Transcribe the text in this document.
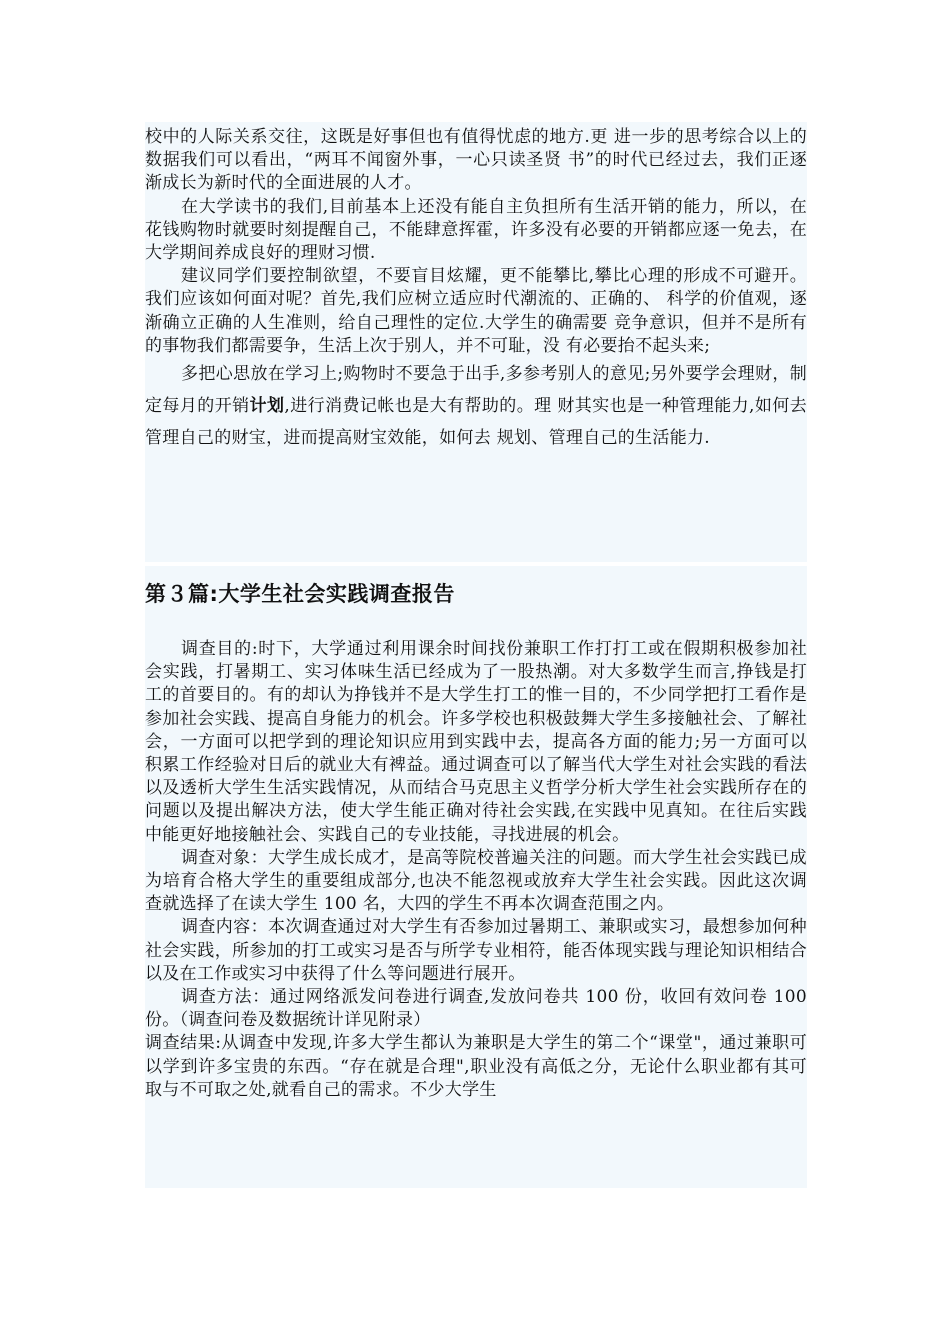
校中的人际关系交往，这既是好事但也有值得忧虑的地方.更 进一步的思考综合以上的数据我们可以看出，“两耳不闻窗外事，一心只读圣贤 书”的时代已经过去，我们正逐渐成长为新时代的全面进展的人才。

在大学读书的我们,目前基本上还没有能自主负担所有生活开销的能力，所以，在花钱购物时就要时刻提醒自己，不能肆意挥霍，许多没有必要的开销都应逐一免去，在大学期间养成良好的理财习惯.

建议同学们要控制欲望，不要盲目炫耀，更不能攀比,攀比心理的形成不可避开。我们应该如何面对呢？首先,我们应树立适应时代潮流的、正确的、 科学的价值观，逐渐确立正确的人生准则，给自己理性的定位.大学生的确需要 竞争意识，但并不是所有的事物我们都需要争，生活上次于别人，并不可耻，没 有必要抬不起头来;

多把心思放在学习上;购物时不要急于出手,多参考别人的意见;另外要学会理财，制定每月的开销计划,进行消费记帐也是大有帮助的。理 财其实也是一种管理能力,如何去管理自己的财宝，进而提高财宝效能，如何去 规划、管理自己的生活能力.

第３篇:大学生社会实践调查报告

调查目的:时下，大学通过利用课余时间找份兼职工作打打工或在假期积极参加社会实践，打暑期工、实习体味生活已经成为了一股热潮。对大多数学生而言,挣钱是打工的首要目的。有的却认为挣钱并不是大学生打工的惟一目的，不少同学把打工看作是参加社会实践、提高自身能力的机会。许多学校也积极鼓舞大学生多接触社会、了解社会，一方面可以把学到的理论知识应用到实践中去，提高各方面的能力;另一方面可以积累工作经验对日后的就业大有裨益。通过调查可以了解当代大学生对社会实践的看法以及透析大学生生活实践情况，从而结合马克思主义哲学分析大学生社会实践所存在的问题以及提出解决方法，使大学生能正确对待社会实践,在实践中见真知。在往后实践中能更好地接触社会、实践自己的专业技能，寻找进展的机会。

调查对象：大学生成长成才，是高等院校普遍关注的问题。而大学生社会实践已成为培育合格大学生的重要组成部分,也决不能忽视或放弃大学生社会实践。因此这次调查就选择了在读大学生 100 名，大四的学生不再本次调查范围之内。

调查内容：本次调查通过对大学生有否参加过暑期工、兼职或实习，最想参加何种社会实践，所参加的打工或实习是否与所学专业相符，能否体现实践与理论知识相结合以及在工作或实习中获得了什么等问题进行展开。

调查方法：通过网络派发问卷进行调查,发放问卷共 100 份，收回有效问卷 100 份。（调查问卷及数据统计详见附录）

调查结果:从调查中发现,许多大学生都认为兼职是大学生的第二个“课堂"，通过兼职可以学到许多宝贵的东西。“存在就是合理",职业没有高低之分，无论什么职业都有其可取与不可取之处,就看自己的需求。不少大学生
